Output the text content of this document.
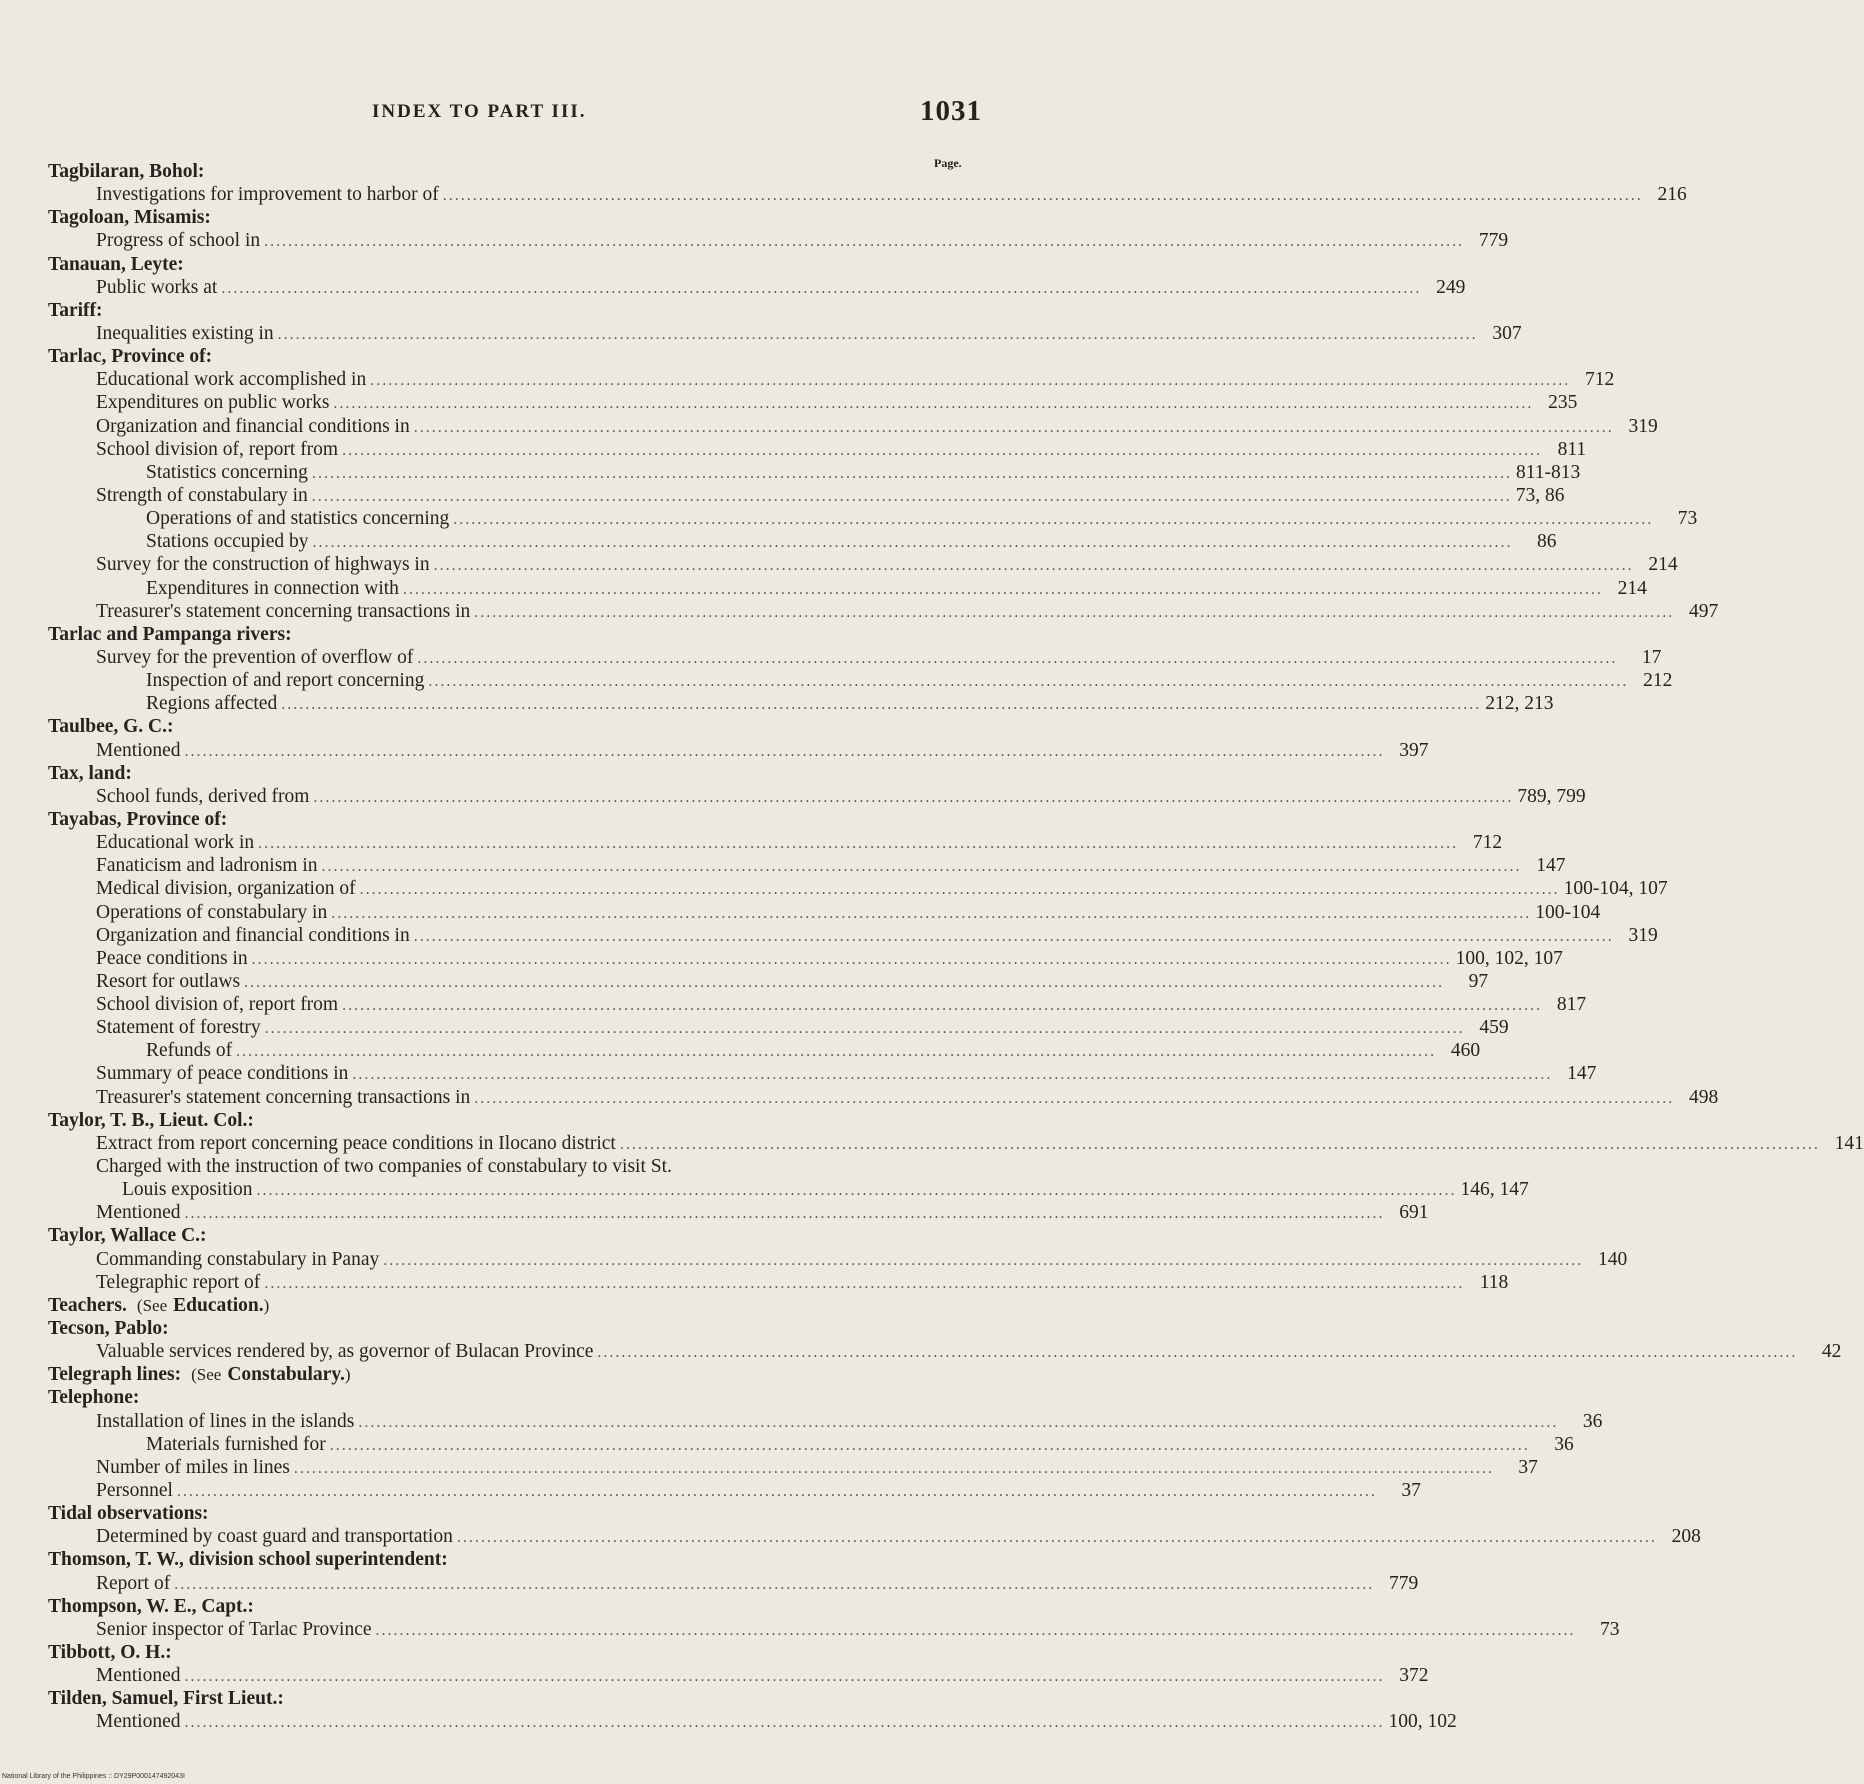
INDEX TO PART III.	1031
Page.
Tagbilaran, Bohol:
Investigations for improvement to harbor of ........................................................................................................................................................................................................ 216
Tagoloan, Misamis:
Progress of school in ........................................................................................................................................................................................................ 779
Tanauan, Leyte:
Public works at ........................................................................................................................................................................................................ 249
Tariff:
Inequalities existing in ........................................................................................................................................................................................................ 307
Tarlac, Province of:
Educational work accomplished in ........................................................................................................................................................................................................ 712
Expenditures on public works ........................................................................................................................................................................................................ 235
Organization and financial conditions in ........................................................................................................................................................................................................ 319
School division of, report from ........................................................................................................................................................................................................ 811
Statistics concerning ........................................................................................................................................................................................................ 811-813
Strength of constabulary in ........................................................................................................................................................................................................ 73, 86
Operations of and statistics concerning ........................................................................................................................................................................................................	73
Stations occupied by ........................................................................................................................................................................................................	86
Survey for the construction of highways in ........................................................................................................................................................................................................ 214
Expenditures in connection with ........................................................................................................................................................................................................ 214
Treasurer's statement concerning transactions in ........................................................................................................................................................................................................ 497
Tarlac and Pampanga rivers:
Survey for the prevention of overflow of ........................................................................................................................................................................................................	17
Inspection of and report concerning ........................................................................................................................................................................................................ 212
Regions affected ........................................................................................................................................................................................................ 212, 213
Taulbee, G. C.:
Mentioned ........................................................................................................................................................................................................ 397
Tax, land:
School funds, derived from ........................................................................................................................................................................................................ 789, 799
Tayabas, Province of:
Educational work in ........................................................................................................................................................................................................ 712
Fanaticism and ladronism in ........................................................................................................................................................................................................ 147
Medical division, organization of ........................................................................................................................................................................................................ 100-104, 107
Operations of constabulary in ........................................................................................................................................................................................................ 100-104
Organization and financial conditions in ........................................................................................................................................................................................................ 319
Peace conditions in ........................................................................................................................................................................................................ 100, 102, 107
Resort for outlaws ........................................................................................................................................................................................................	97
School division of, report from ........................................................................................................................................................................................................ 817
Statement of forestry ........................................................................................................................................................................................................ 459
Refunds of ........................................................................................................................................................................................................ 460
Summary of peace conditions in ........................................................................................................................................................................................................ 147
Treasurer's statement concerning transactions in ........................................................................................................................................................................................................ 498
Taylor, T. B., Lieut. Col.:
Extract from report concerning peace conditions in Ilocano district ........................................................................................................................................................................................................ 141
Charged with the instruction of two companies of constabulary to visit St.
Louis exposition ........................................................................................................................................................................................................ 146, 147
Mentioned ........................................................................................................................................................................................................ 691
Taylor, Wallace C.:
Commanding constabulary in Panay ........................................................................................................................................................................................................ 140
Telegraphic report of ........................................................................................................................................................................................................ 118
Teachers. (See Education. )
Tecson, Pablo:
Valuable services rendered by, as governor of Bulacan Province ........................................................................................................................................................................................................	42
Telegraph lines: (See Constabulary. )
Telephone:
Installation of lines in the islands ........................................................................................................................................................................................................	36
Materials furnished for ........................................................................................................................................................................................................	36
Number of miles in lines ........................................................................................................................................................................................................	37
Personnel ........................................................................................................................................................................................................	37
Tidal observations:
Determined by coast guard and transportation ........................................................................................................................................................................................................ 208
Thomson, T. W., division school superintendent:
Report of ........................................................................................................................................................................................................ 779
Thompson, W. E., Capt.:
Senior inspector of Tarlac Province ........................................................................................................................................................................................................	73
Tibbott, O. H.:
Mentioned ........................................................................................................................................................................................................ 372
Tilden, Samuel, First Lieut.:
Mentioned ........................................................................................................................................................................................................ 100, 102
National Library of the Philippines :: DY29P000147492043I
